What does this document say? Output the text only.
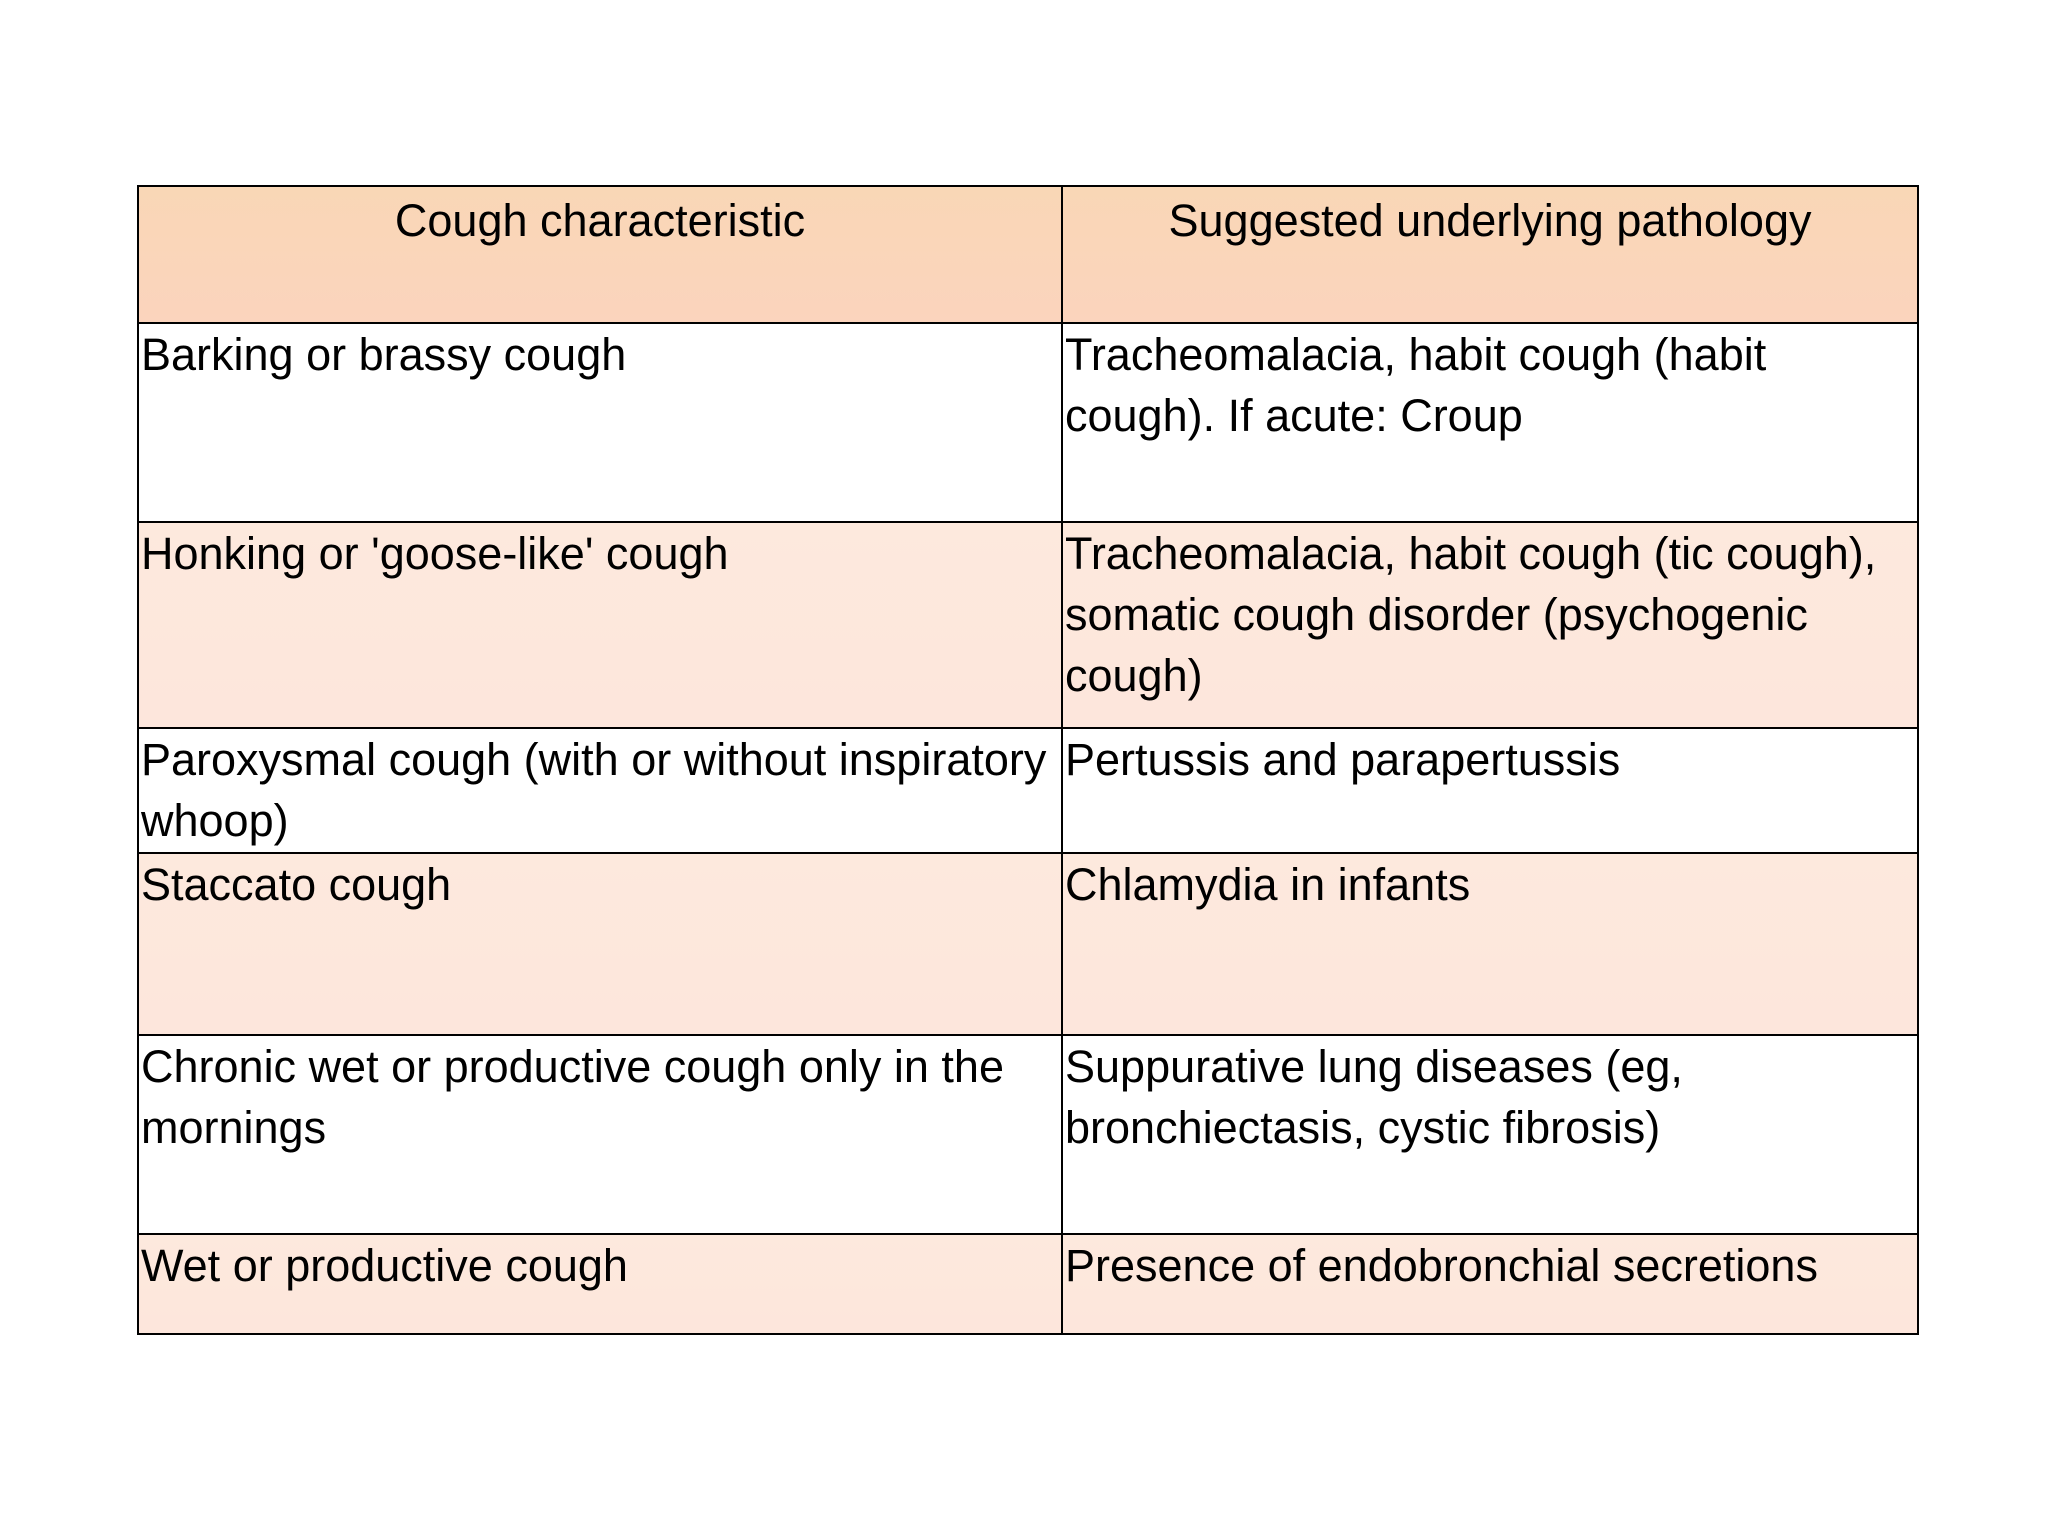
Cough characteristic	Suggested underlying pathology
Barking or brassy cough	Tracheomalacia, habit cough (habit cough). If acute: Croup
Honking or 'goose-like' cough	Tracheomalacia, habit cough (tic cough), somatic cough disorder (psychogenic cough)
Paroxysmal cough (with or without inspiratory whoop)	Pertussis and parapertussis
Staccato cough	Chlamydia in infants
Chronic wet or productive cough only in the mornings	Suppurative lung diseases (eg, bronchiectasis, cystic fibrosis)
Wet or productive cough	Presence of endobronchial secretions
